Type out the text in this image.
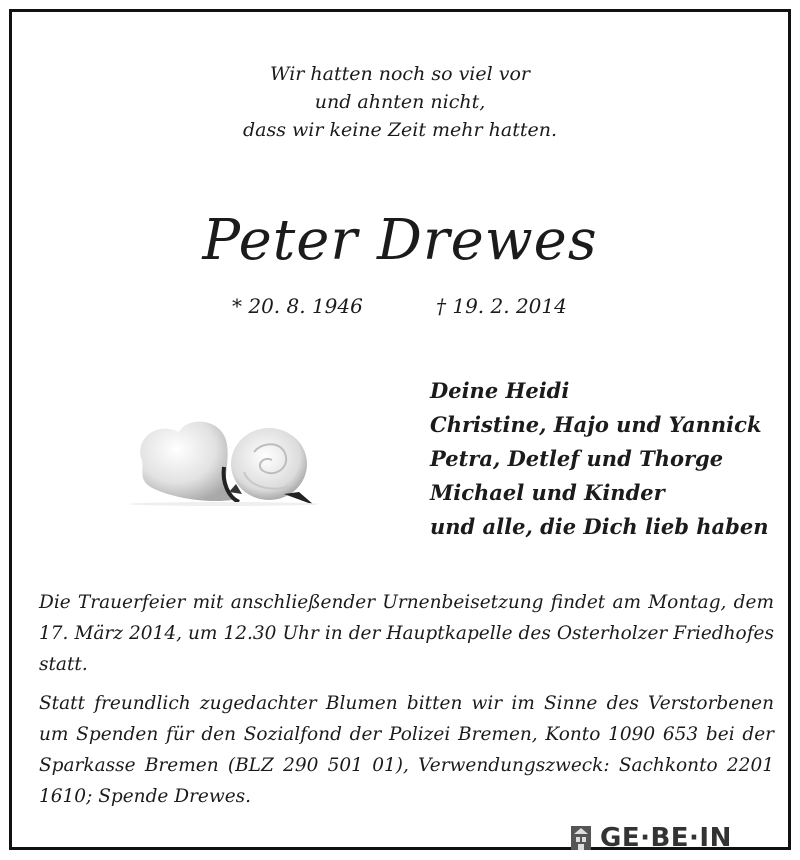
Wir hatten noch so viel vor
und ahnten nicht,
dass wir keine Zeit mehr hatten.
Peter Drewes
* 20. 8. 1946	† 19. 2. 2014
Deine Heidi
Christine, Hajo und Yannick
Petra, Detlef und Thorge
Michael und Kinder
und alle, die Dich lieb haben
Die Trauerfeier mit anschließender Urnenbeisetzung findet am Montag, dem 17. März 2014, um 12.30 Uhr in der Hauptkapelle des Osterholzer Friedhofes statt.
Statt freundlich zugedachter Blumen bitten wir im Sinne des Verstorbenen um Spenden für den Sozialfond der Polizei Bremen, Konto 1090 653 bei der Sparkasse Bremen (BLZ 290 501 01), Verwendungszweck: Sachkonto 2201 1610; Spende Drewes.
GE·BE·IN
